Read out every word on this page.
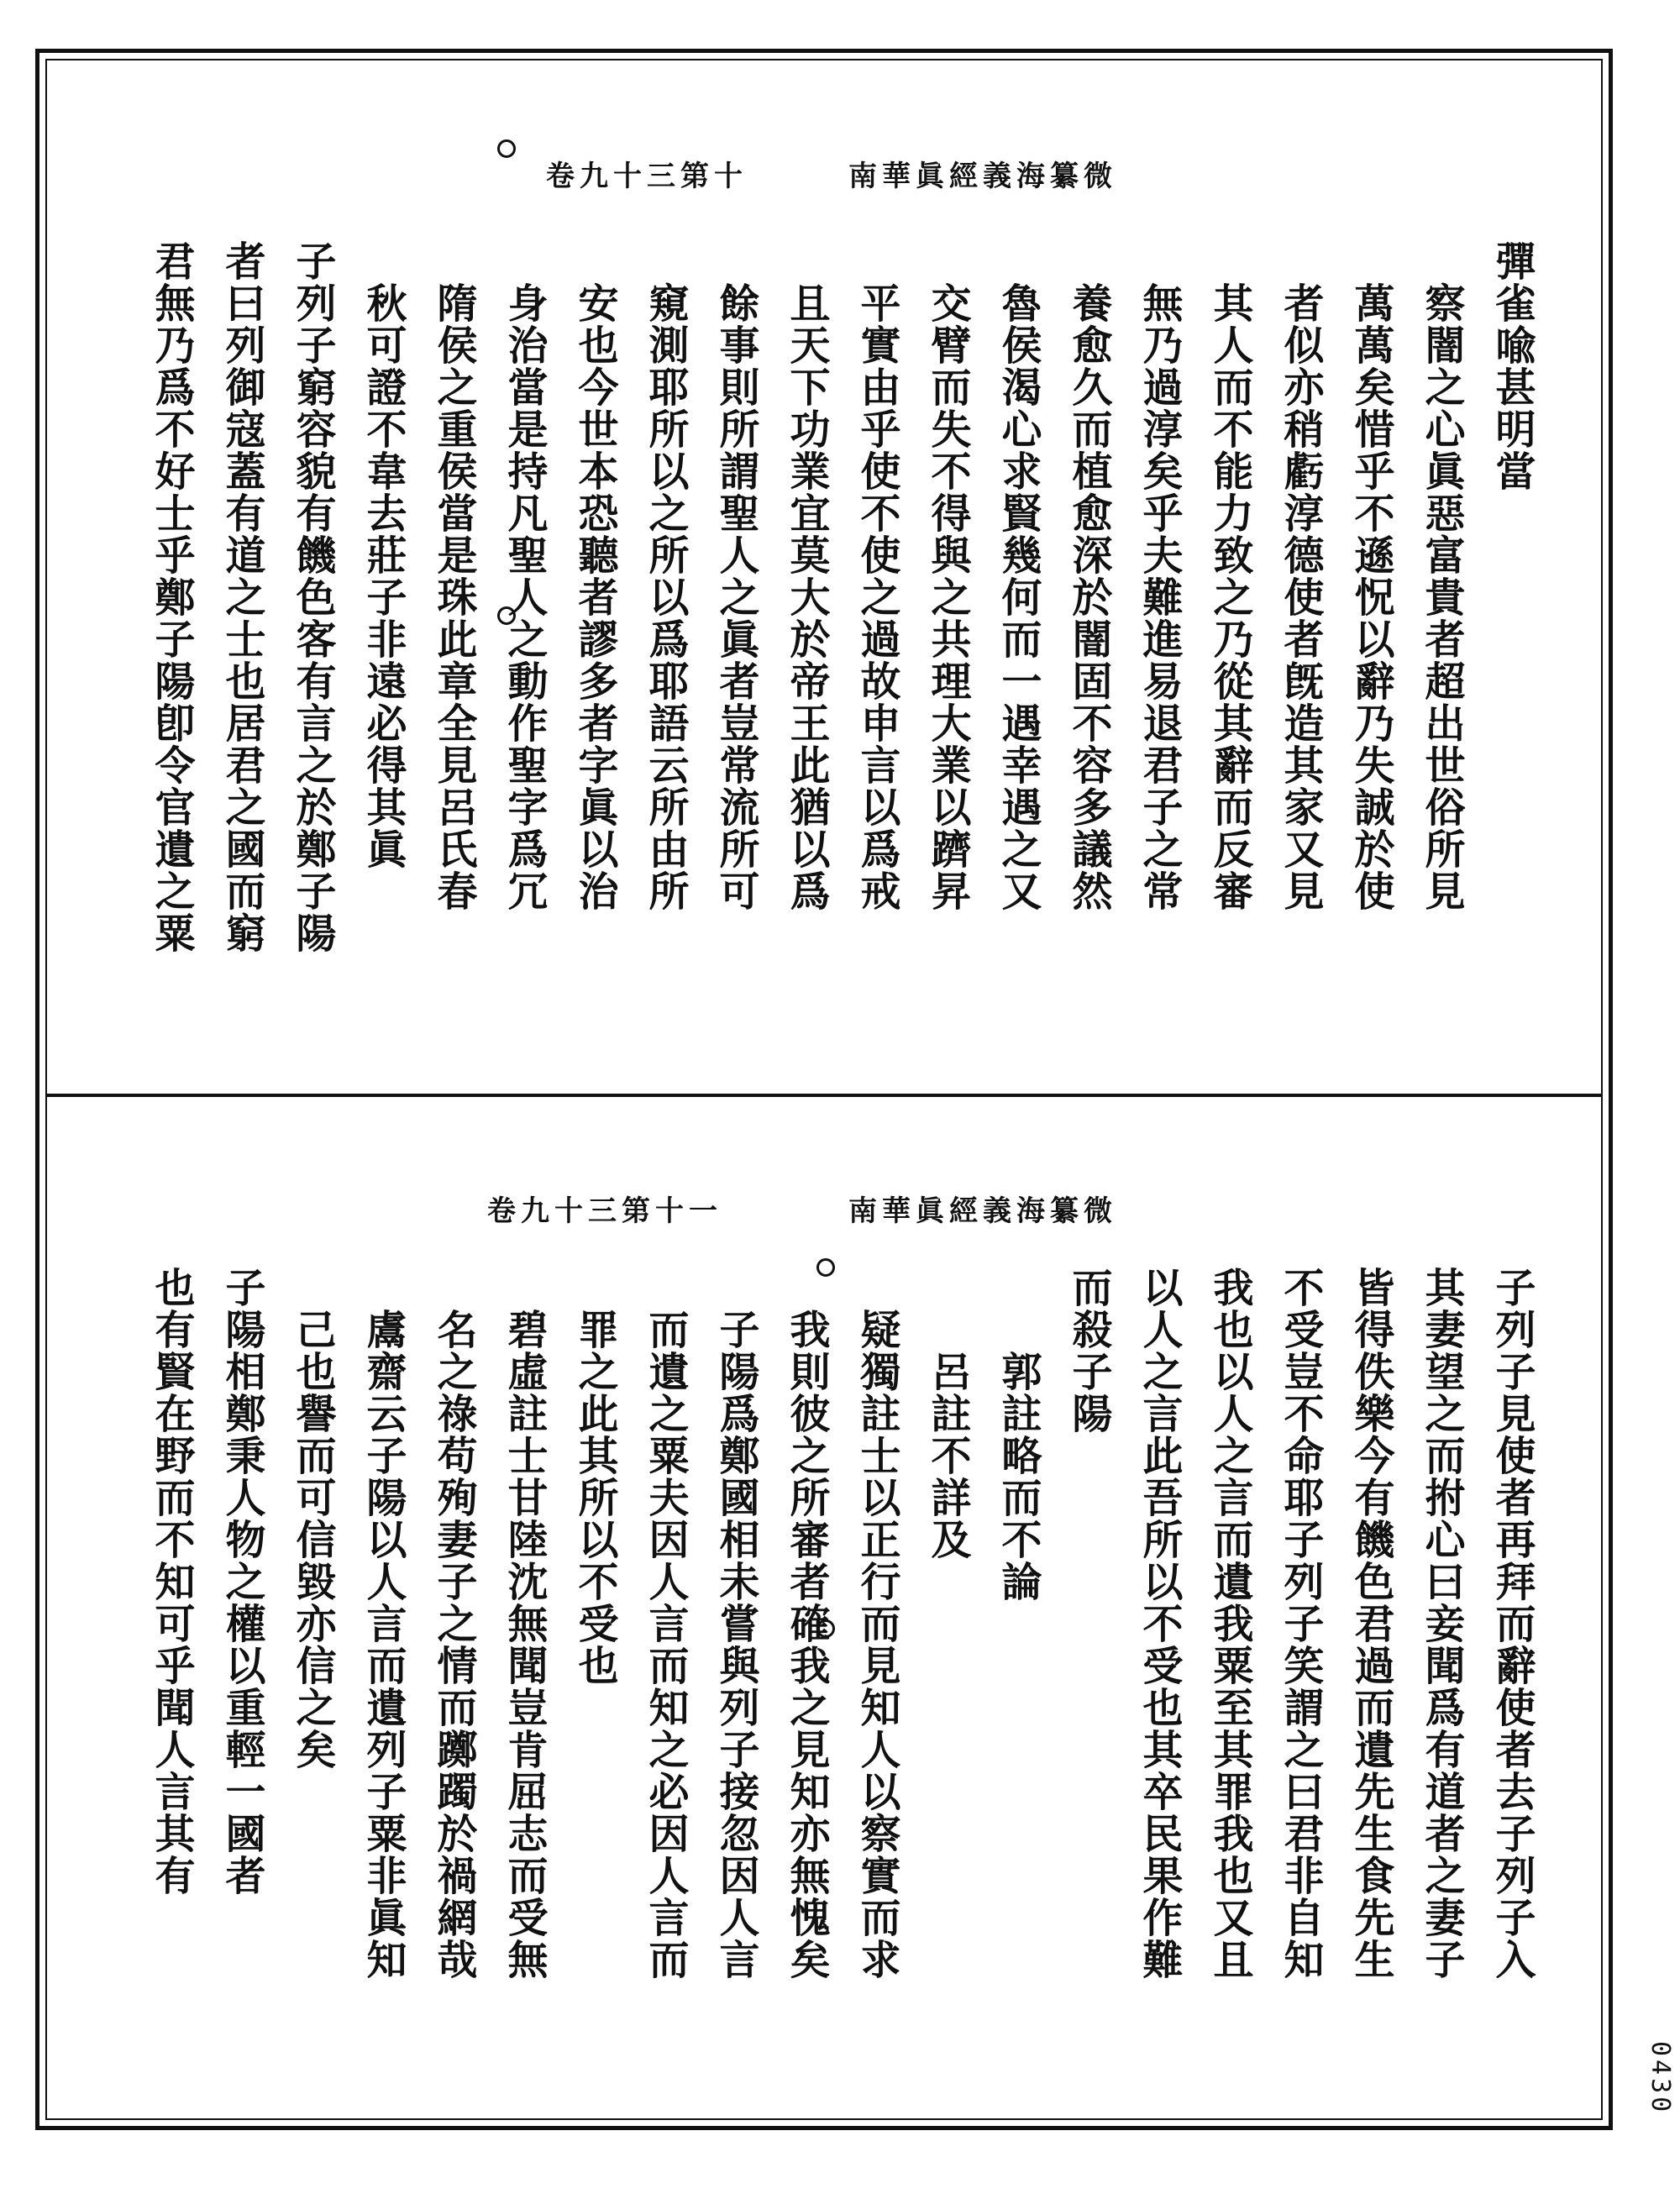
南華眞經義海纂微
卷九十三第十
彈雀喩甚明當
察闇之心眞惡富貴者超出世俗所見
萬萬矣惜乎不遜怳以辭乃失誠於使
者似亦稍虧淳德使者旣造其家又見
其人而不能力致之乃從其辭而反審
無乃過淳矣乎夫難進易退君子之常
養愈久而植愈深於闇固不容多議然
魯侯渴心求賢幾何而一遇幸遇之又
交臂而失不得與之共理大業以躋昇
平實由乎使不使之過故申言以爲戒
且天下功業宜莫大於帝王此猶以爲
餘事則所謂聖人之眞者豈常流所可
窺測耶所以之所以爲耶語云所由所
安也今世本恐聽者謬多者字眞以治
身治當是持凡聖人之動作聖字爲冗
隋侯之重侯當是珠此章全見呂氏春
秋可證不韋去莊子非遠必得其眞
子列子窮容貌有饑色客有言之於鄭子陽
者曰列御寇蓋有道之士也居君之國而窮
君無乃爲不好士乎鄭子陽卽令官遺之粟
南華眞經義海纂微
卷九十三第十一
子列子見使者再拜而辭使者去子列子入
其妻望之而拊心曰妾聞爲有道者之妻子
皆得佚樂今有饑色君過而遺先生食先生
不受豈不命耶子列子笑謂之曰君非自知
我也以人之言而遺我粟至其罪我也又且
以人之言此吾所以不受也其卒民果作難
而殺子陽
郭註略而不論
呂註不詳及
疑獨註士以正行而見知人以察實而求
我則彼之所審者確我之見知亦無愧矣
子陽爲鄭國相未嘗與列子接忽因人言
而遺之粟夫因人言而知之必因人言而
罪之此其所以不受也
碧虛註士甘陸沈無聞豈肯屈志而受無
名之祿苟殉妻子之情而躑躅於禍網哉
鬳齋云子陽以人言而遺列子粟非眞知
己也譽而可信毀亦信之矣
子陽相鄭秉人物之權以重輕一國者
也有賢在野而不知可乎聞人言其有
0430
